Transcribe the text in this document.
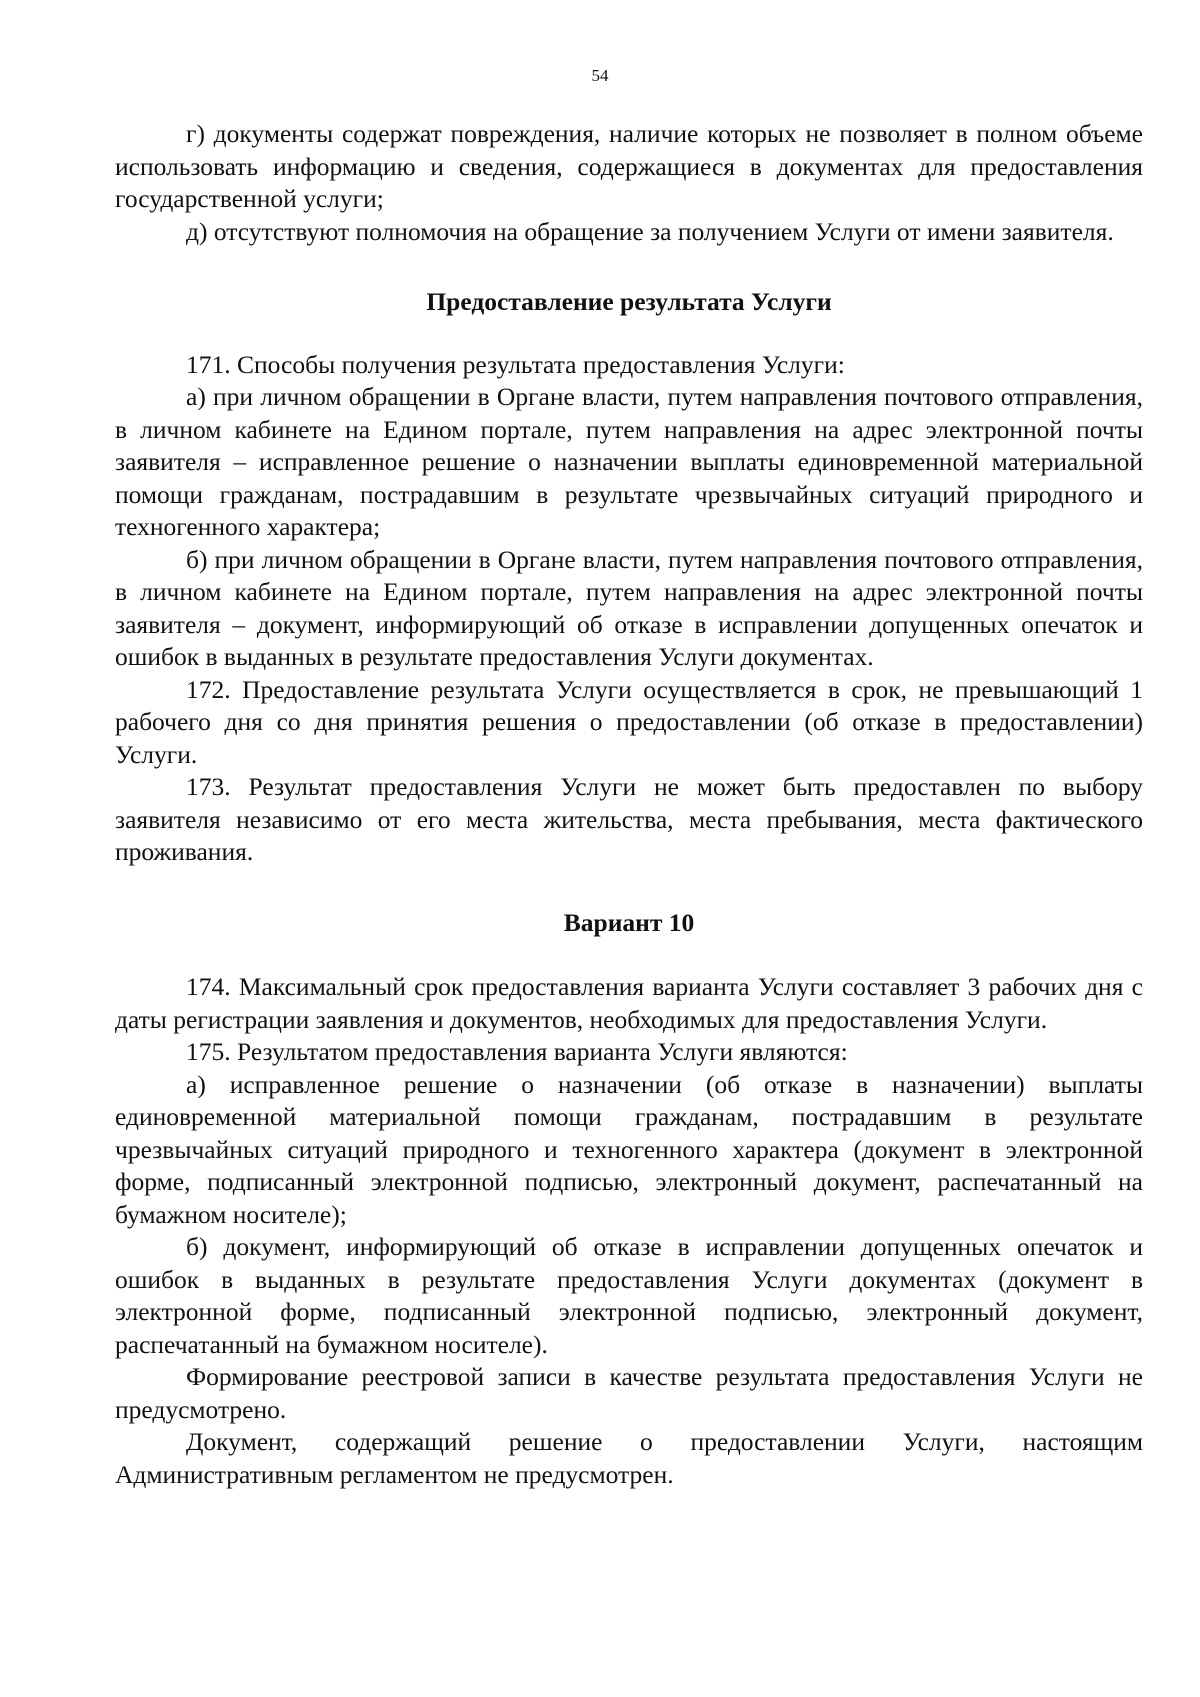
54

г) документы содержат повреждения, наличие которых не позволяет в полном объеме использовать информацию и сведения, содержащиеся в документах для предоставления государственной услуги;

д) отсутствуют полномочия на обращение за получением Услуги от имени заявителя.

Предоставление результата Услуги

171. Способы получения результата предоставления Услуги:

а) при личном обращении в Органе власти, путем направления почтового отправления, в личном кабинете на Едином портале, путем направления на адрес электронной почты заявителя – исправленное решение о назначении выплаты единовременной материальной помощи гражданам, пострадавшим в результате чрезвычайных ситуаций природного и техногенного характера;

б) при личном обращении в Органе власти, путем направления почтового отправления, в личном кабинете на Едином портале, путем направления на адрес электронной почты заявителя – документ, информирующий об отказе в исправлении допущенных опечаток и ошибок в выданных в результате предоставления Услуги документах.

172. Предоставление результата Услуги осуществляется в срок, не превышающий 1 рабочего дня со дня принятия решения о предоставлении (об отказе в предоставлении) Услуги.

173. Результат предоставления Услуги не может быть предоставлен по выбору заявителя независимо от его места жительства, места пребывания, места фактического проживания.

Вариант 10

174. Максимальный срок предоставления варианта Услуги составляет 3 рабочих дня с даты регистрации заявления и документов, необходимых для предоставления Услуги.

175. Результатом предоставления варианта Услуги являются:

а) исправленное решение о назначении (об отказе в назначении) выплаты единовременной материальной помощи гражданам, пострадавшим в результате чрезвычайных ситуаций природного и техногенного характера (документ в электронной форме, подписанный электронной подписью, электронный документ, распечатанный на бумажном носителе);

б) документ, информирующий об отказе в исправлении допущенных опечаток и ошибок в выданных в результате предоставления Услуги документах (документ в электронной форме, подписанный электронной подписью, электронный документ, распечатанный на бумажном носителе).

Формирование реестровой записи в качестве результата предоставления Услуги не предусмотрено.

Документ, содержащий решение о предоставлении Услуги, настоящим Административным регламентом не предусмотрен.
